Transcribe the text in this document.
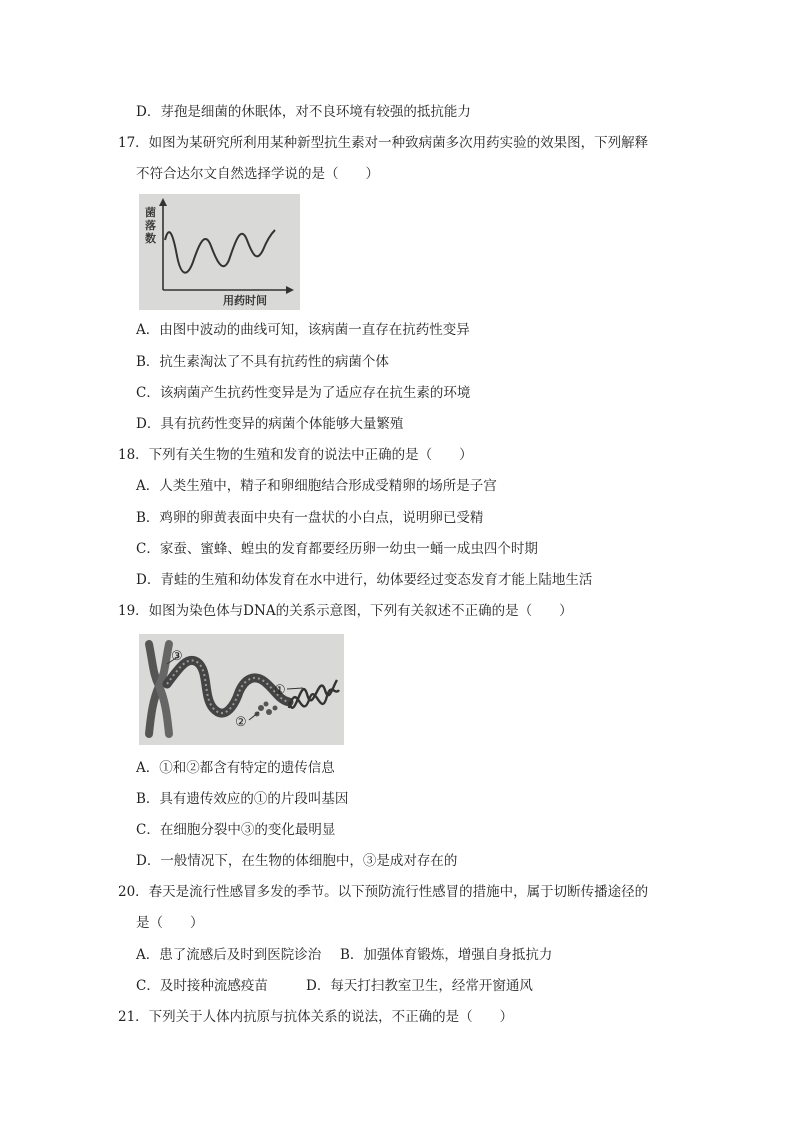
D．芽孢是细菌的休眠体，对不良环境有较强的抵抗能力
17．如图为某研究所利用某种新型抗生素对一种致病菌多次用药实验的效果图，下列解释
不符合达尔文自然选择学说的是（　　）
菌
落
数
用药时间
A．由图中波动的曲线可知，该病菌一直存在抗药性变异
B．抗生素淘汰了不具有抗药性的病菌个体
C．该病菌产生抗药性变异是为了适应存在抗生素的环境
D．具有抗药性变异的病菌个体能够大量繁殖
18．下列有关生物的生殖和发育的说法中正确的是（　　）
A．人类生殖中，精子和卵细胞结合形成受精卵的场所是子宫
B．鸡卵的卵黄表面中央有一盘状的小白点，说明卵已受精
C．家蚕、蜜蜂、蝗虫的发育都要经历卵一幼虫一蛹一成虫四个时期
D．青蛙的生殖和幼体发育在水中进行，幼体要经过变态发育才能上陆地生活
19．如图为染色体与DNA的关系示意图，下列有关叙述不正确的是（　　）
③
①
②
A．①和②都含有特定的遗传信息
B．具有遗传效应的①的片段叫基因
C．在细胞分裂中③的变化最明显
D．一般情况下，在生物的体细胞中，③是成对存在的
20．春天是流行性感冒多发的季节。以下预防流行性感冒的措施中，属于切断传播途径的
是（　　）
A．患了流感后及时到医院诊治 B．加强体育锻炼，增强自身抵抗力
C．及时接种流感疫苗	D．每天打扫教室卫生，经常开窗通风
21．下列关于人体内抗原与抗体关系的说法，不正确的是（　　）
